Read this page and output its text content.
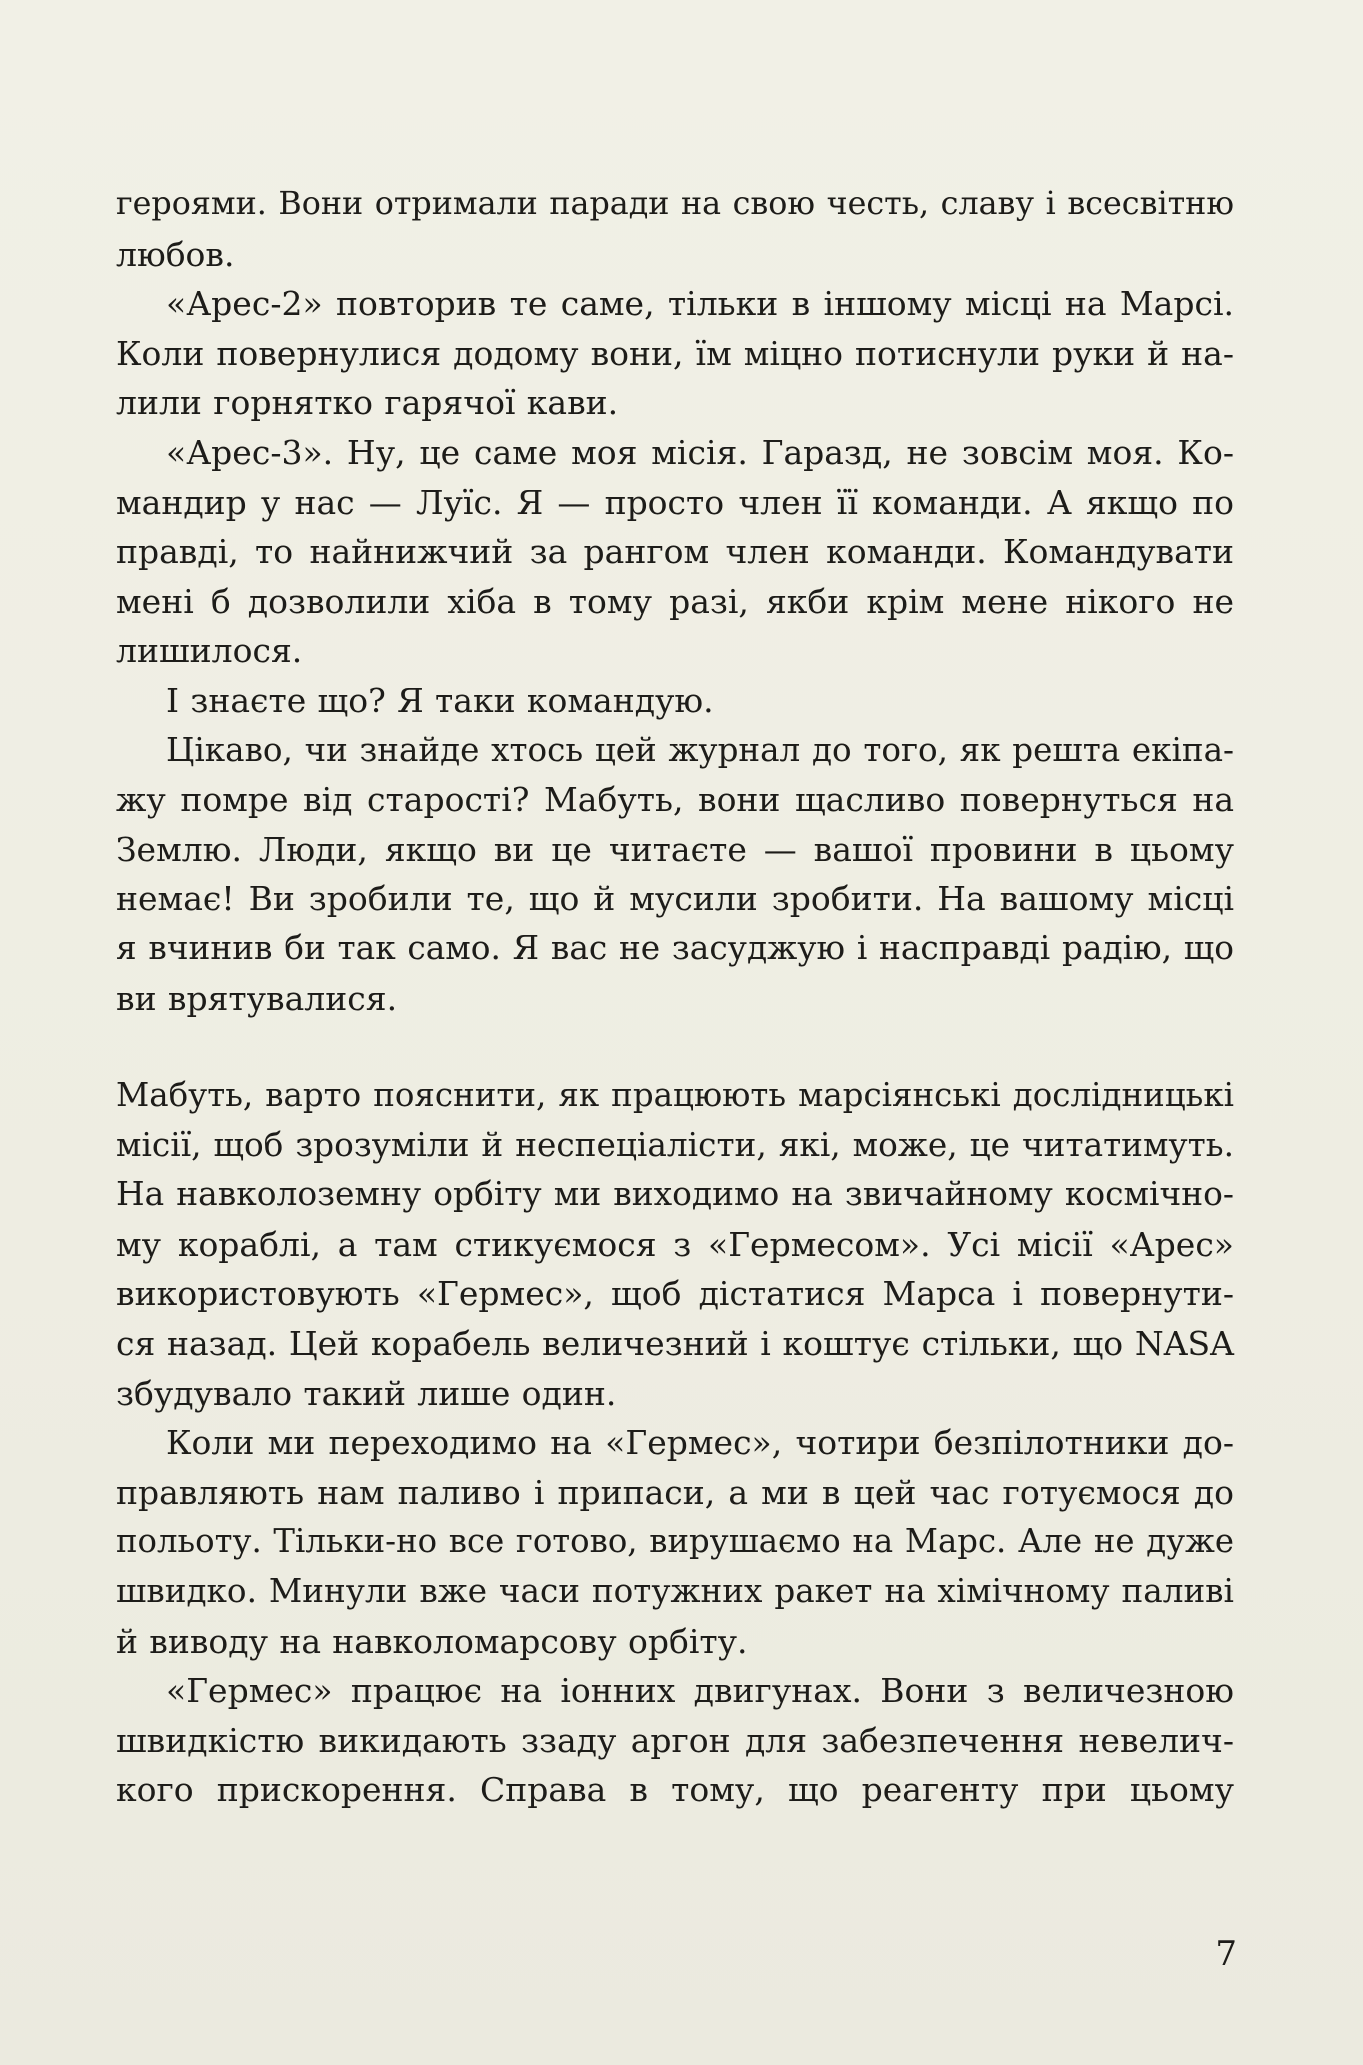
героями. Вони отримали паради на свою честь, славу і всесвітню
любов.
«Арес-2» повторив те саме, тільки в іншому місці на Марсі.
Коли повернулися додому вони, їм міцно потиснули руки й на-
лили горнятко гарячої кави.
«Арес-3». Ну, це саме моя місія. Гаразд, не зовсім моя. Ко-
мандир у нас — Луїс. Я — просто член її команди. А якщо по
правді, то найнижчий за рангом член команди. Командувати
мені б дозволили хіба в тому разі, якби крім мене нікого не
лишилося.
І знаєте що? Я таки командую.
Цікаво, чи знайде хтось цей журнал до того, як решта екіпа-
жу помре від старості? Мабуть, вони щасливо повернуться на
Землю. Люди, якщо ви це читаєте — вашої провини в цьому
немає! Ви зробили те, що й мусили зробити. На вашому місці
я вчинив би так само. Я вас не засуджую і насправді радію, що
ви врятувалися.
Мабуть, варто пояснити, як працюють марсіянські дослідницькі
місії, щоб зрозуміли й неспеціалісти, які, може, це читатимуть.
На навколоземну орбіту ми виходимо на звичайному космічно-
му кораблі, а там стикуємося з «Гермесом». Усі місії «Арес»
використовують «Гермес», щоб дістатися Марса і повернути-
ся назад. Цей корабель величезний і коштує стільки, що NASA
збудувало такий лише один.
Коли ми переходимо на «Гермес», чотири безпілотники до-
правляють нам паливо і припаси, а ми в цей час готуємося до
польоту. Тільки-но все готово, вирушаємо на Марс. Але не дуже
швидко. Минули вже часи потужних ракет на хімічному паливі
й виводу на навколомарсову орбіту.
«Гермес» працює на іонних двигунах. Вони з величезною
швидкістю викидають ззаду аргон для забезпечення невелич-
кого прискорення. Справа в тому, що реагенту при цьому
7
